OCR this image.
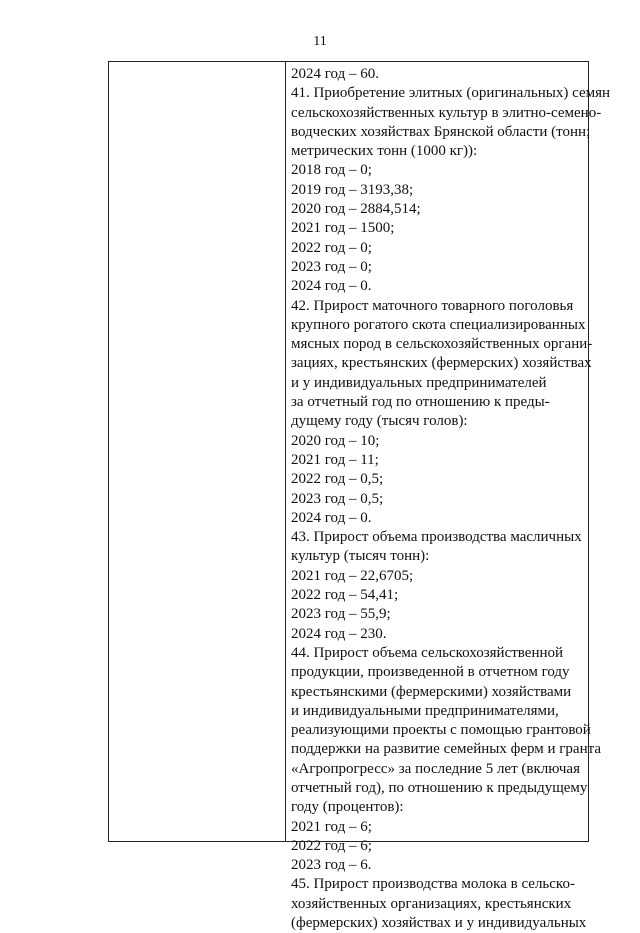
11
2024 год – 60.
41. Приобретение элитных (оригинальных) семян
сельскохозяйственных культур в элитно-семено-
водческих хозяйствах Брянской области (тонн;
метрических тонн (1000 кг)):
2018 год – 0;
2019 год – 3193,38;
2020 год – 2884,514;
2021 год – 1500;
2022 год – 0;
2023 год – 0;
2024 год – 0.
42. Прирост маточного товарного поголовья
крупного рогатого скота специализированных
мясных пород в сельскохозяйственных органи-
зациях, крестьянских (фермерских) хозяйствах
и у индивидуальных предпринимателей
за отчетный год по отношению к преды-
дущему году (тысяч голов):
2020 год – 10;
2021 год – 11;
2022 год – 0,5;
2023 год – 0,5;
2024 год – 0.
43. Прирост объема производства масличных
культур (тысяч тонн):
2021 год – 22,6705;
2022 год – 54,41;
2023 год – 55,9;
2024 год – 230.
44. Прирост объема сельскохозяйственной
продукции, произведенной в отчетном году
крестьянскими (фермерскими) хозяйствами
и индивидуальными предпринимателями,
реализующими проекты с помощью грантовой
поддержки на развитие семейных ферм и гранта
«Агропрогресс» за последние 5 лет (включая
отчетный год), по отношению к предыдущему
году (процентов):
2021 год – 6;
2022 год – 6;
2023 год – 6.
45. Прирост производства молока в сельско-
хозяйственных организациях, крестьянских
(фермерских) хозяйствах и у индивидуальных
